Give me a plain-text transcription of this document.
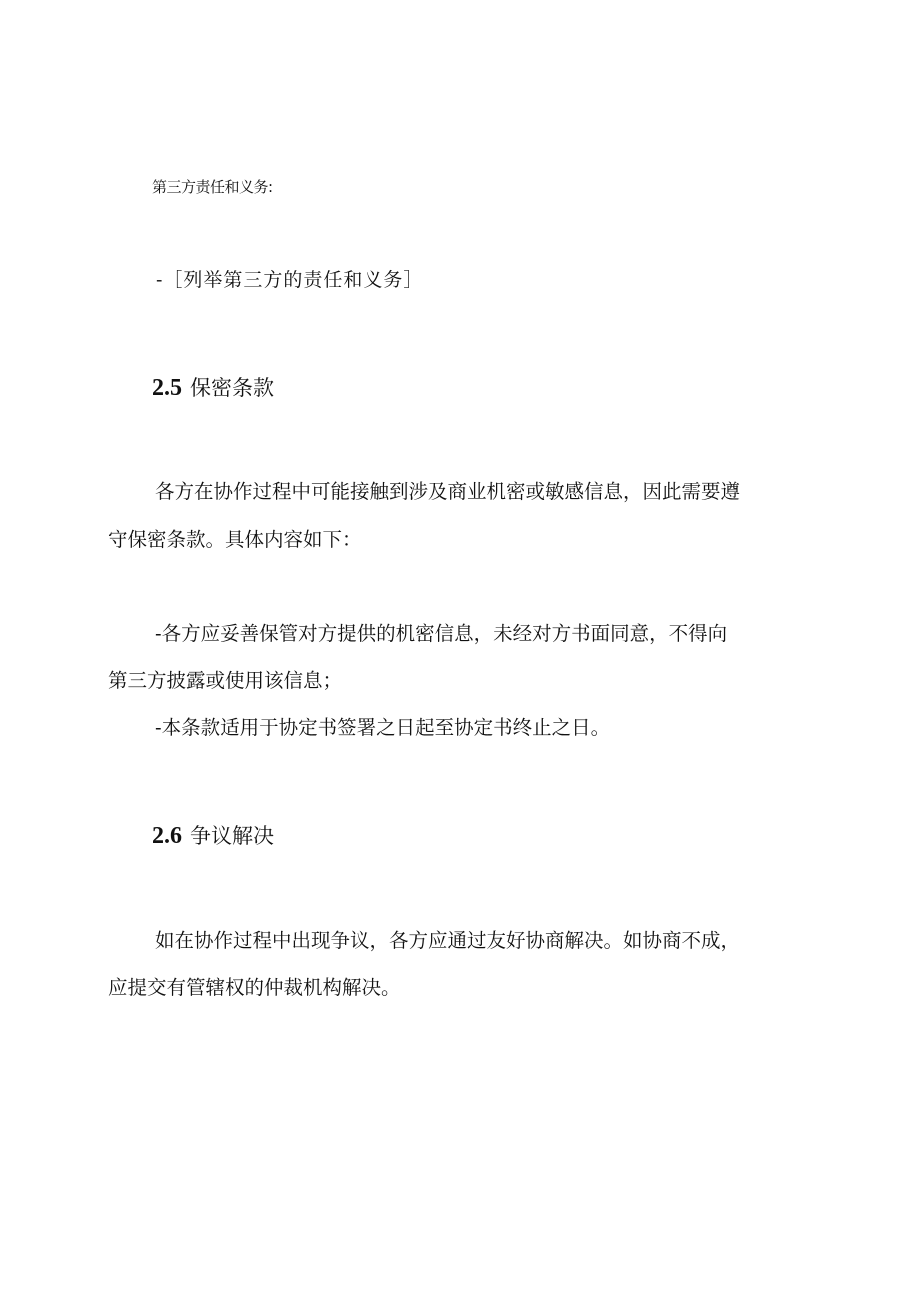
第三方责任和义务:

-［列举第三方的责任和义务］

2.5 保密条款

各方在协作过程中可能接触到涉及商业机密或敏感信息，因此需要遵

守保密条款。具体内容如下：

-各方应妥善保管对方提供的机密信息，未经对方书面同意，不得向

第三方披露或使用该信息；

-本条款适用于协定书签署之日起至协定书终止之日。

2.6 争议解决

如在协作过程中出现争议，各方应通过友好协商解决。如协商不成，

应提交有管辖权的仲裁机构解决。
